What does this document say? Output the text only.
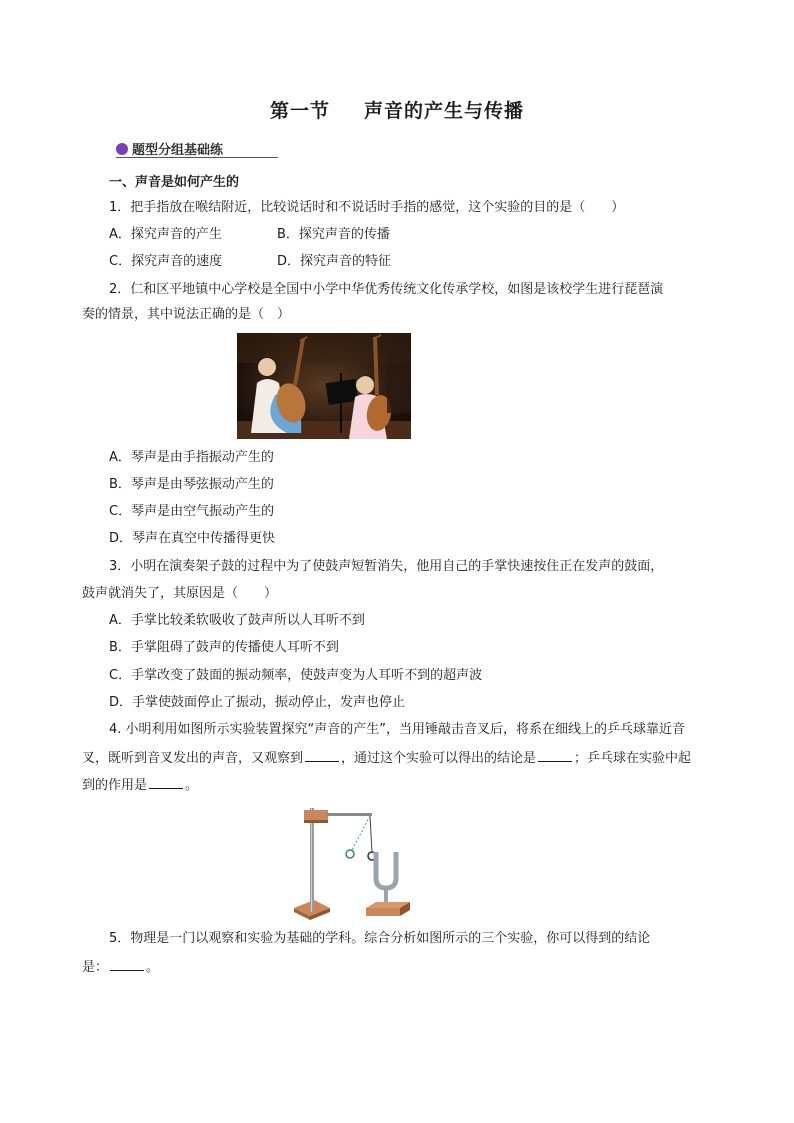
第一节 声音的产生与传播
题型分组基础练
一、声音是如何产生的
1．把手指放在喉结附近，比较说话时和不说话时手指的感觉，这个实验的目的是（　　）
A．探究声音的产生	B．探究声音的传播
C．探究声音的速度	D．探究声音的特征
2．仁和区平地镇中心学校是全国中小学中华优秀传统文化传承学校，如图是该校学生进行琵琶演
奏的情景，其中说法正确的是（　）
A．琴声是由手指振动产生的
B．琴声是由琴弦振动产生的
C．琴声是由空气振动产生的
D．琴声在真空中传播得更快
3．小明在演奏架子鼓的过程中为了使鼓声短暂消失，他用自己的手掌快速按住正在发声的鼓面，
鼓声就消失了，其原因是（　　）
A．手掌比较柔软吸收了鼓声所以人耳听不到
B．手掌阻碍了鼓声的传播使人耳听不到
C．手掌改变了鼓面的振动频率，使鼓声变为人耳听不到的超声波
D．手掌使鼓面停止了振动，振动停止，发声也停止
4. 小明利用如图所示实验装置探究“声音的产生”，当用锤敲击音叉后，将系在细线上的乒乓球靠近音
叉，既听到音叉发出的声音，又观察到	，通过这个实验可以得出的结论是	；乒乓球在实验中起
到的作用是	。
5．物理是一门以观察和实验为基础的学科。综合分析如图所示的三个实验，你可以得到的结论
是：	。
